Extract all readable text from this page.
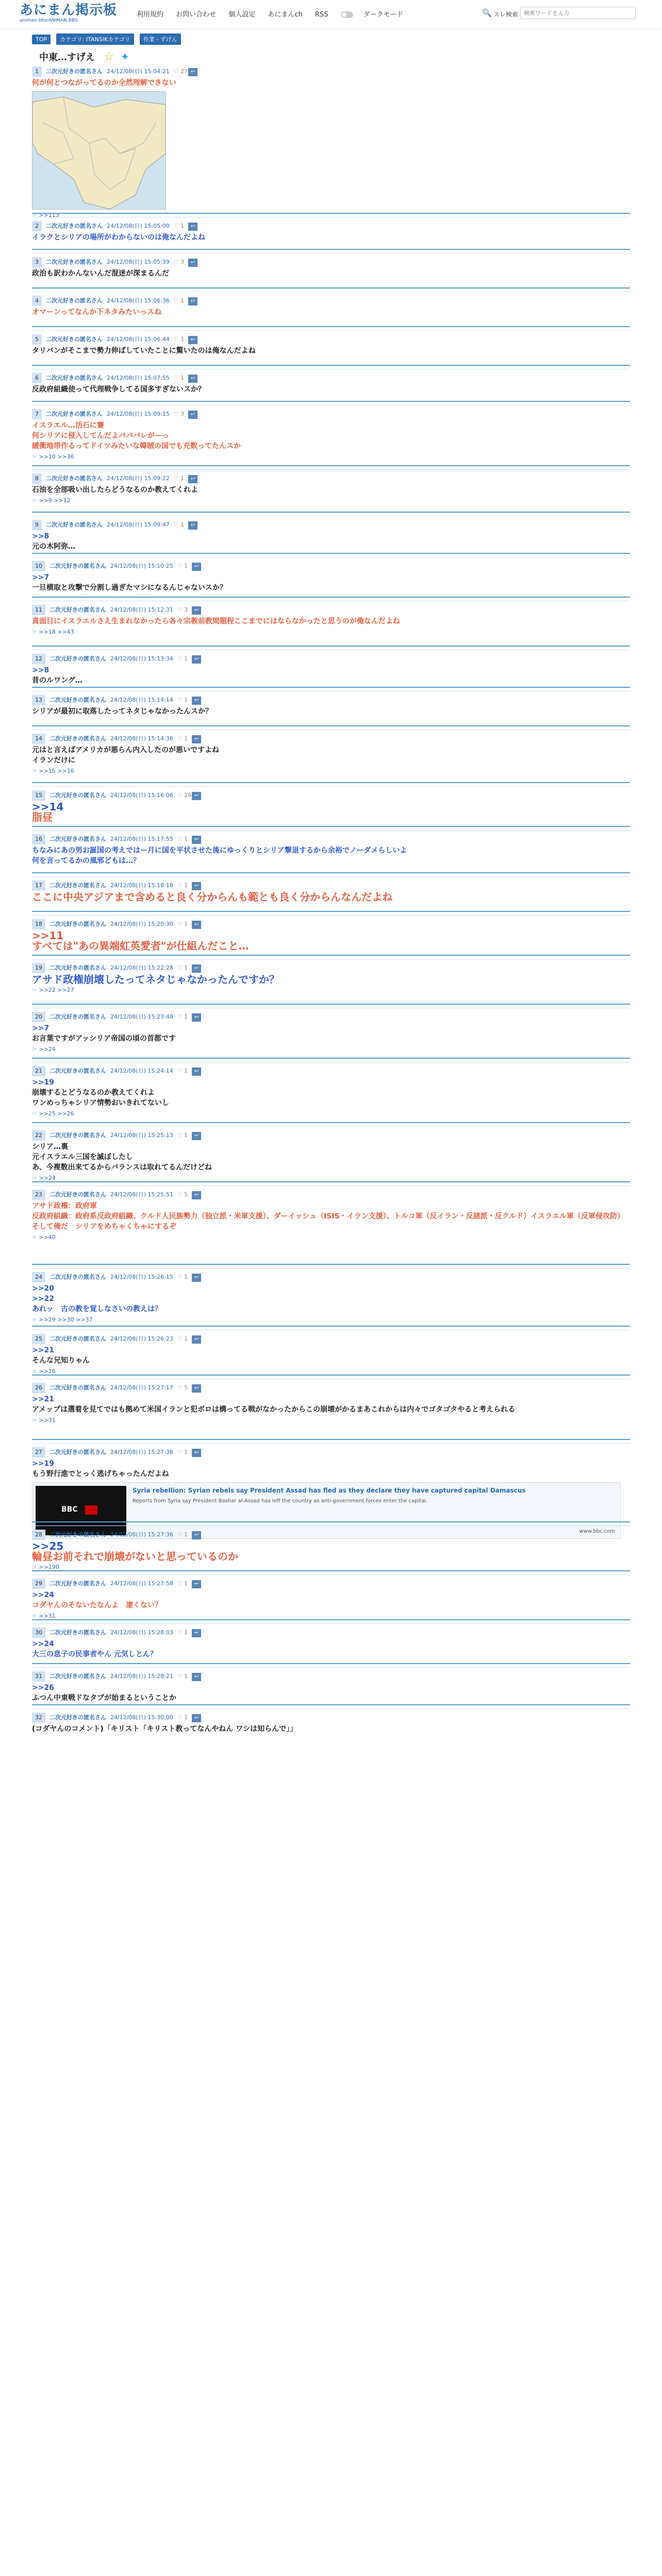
あにまん掲示板
animan bbs/ANIMAN BBS
利用規約 お問い合わせ 個人設定 あにまんch RSS	ダークモード	🔍 スレ検索
検索ワードを入力
TOP カテゴリ: ITANSIKカテゴリ 作業 - ずげん
中東…すげえ ☆ ✦
1 二次元好きの匿名さん 24/12/08(日) 15:04:21 ♡ 27 ↩
何が何とつながってるのか全然理解できない
☞ >>113
2 二次元好きの匿名さん 24/12/08(日) 15:05:00 ♡ 1 ↩
イラクとシリアの場所がわからないのは俺なんだよね
3 二次元好きの匿名さん 24/12/08(日) 15:05:39 ♡ 3 ↩
政治も訳わかんないんだ混迷が深まるんだ
4 二次元好きの匿名さん 24/12/08(日) 15:06:36 ♡ 1 ↩
オマーンってなんか下ネタみたいっスね
5 二次元好きの匿名さん 24/12/08(日) 15:06:44 ♡ 1 ↩
タリバンがそこまで勢力伸ばしていたことに驚いたのは俺なんだよね
6 二次元好きの匿名さん 24/12/08(日) 15:07:55 ♡ 1 ↩
反政府組織使って代理戦争してる国多すぎないスか？
7 二次元好きの匿名さん 24/12/08(日) 15:09:15 ♡ 3 ↩
イスラエル…活石に賽
何シリアに侵入してんだよバババレがーっ
緩衝地帯作るってドイツみたいな韓賊の国でも充数ってたんスか
☞ >>10 >>36
8 二次元好きの匿名さん 24/12/08(日) 15:09:22 ♡ 1 ↩
石油を全部吸い出したらどうなるのか教えてくれよ
☞ >>9 >>12
9 二次元好きの匿名さん 24/12/08(日) 15:09:47 ♡ 1 ↩
>>8
元の木阿弥…
10 二次元好きの匿名さん 24/12/08(日) 15:10:25 ♡ 1 ↩
>>7
一旦横取と攻撃で分割し過ぎたマシになるんじゃないスか？
11 二次元好きの匿名さん 24/12/08(日) 15:12:31 ♡ 3 ↩
真面目にイスラエルさえ生まれなかったら各々宗教前教間題程ここまでにはならなかったと思うのが俺なんだよね
☞ >>18 >>43
12 二次元好きの匿名さん 24/12/08(日) 15:13:34 ♡ 1 ↩
>>8
昔のルワング…
13 二次元好きの匿名さん 24/12/08(日) 15:14:14 ♡ 1 ↩
シリアが最初に取落したってネタじゃなかったんスか？
14 二次元好きの匿名さん 24/12/08(日) 15:14:36 ♡ 1 ↩
元はと言えばアメリカが悪らん内入したのが悪いですよね
イランだけに
☞ >>15 >>16
15 二次元好きの匿名さん 24/12/08(日) 15:16:06 ♡ 26 ↩
>>14
脂昼
16 二次元好きの匿名さん 24/12/08(日) 15:17:55 ♡ 1 ↩
ちなみにあの男お誕国の考えではー月に国を平状させた後にゆっくりとシリア撃退するから余裕でノーダメらしいよ
何を言ってるかの風邪どもは…？
17 二次元好きの匿名さん 24/12/08(日) 15:18:18 ♡ 1 ↩
ここに中央アジアまで含めると良く分からんも範とも良く分からんなんだよね
18 二次元好きの匿名さん 24/12/08(日) 15:20:30 ♡ 1 ↩
>>11
すべては"あの異端虹英愛者"が仕組んだこと…
19 二次元好きの匿名さん 24/12/08(日) 15:22:28 ♡ 1 ↩
アサド政権崩壊したってネタじゃなかったんですか？
☞ >>22 >>27
20 二次元好きの匿名さん 24/12/08(日) 15:23:48 ♡ 1 ↩
>>7
お言葉ですがアッシリア帝国の頃の首都です
☞ >>24
21 二次元好きの匿名さん 24/12/08(日) 15:24:14 ♡ 1 ↩
>>19
崩壊するとどうなるのか教えてくれよ
ワンめっちゃシリア情勢おいきれてないし
☞ >>25 >>26
22 二次元好きの匿名さん 24/12/08(日) 15:25:13 ♡ 1 ↩
シリア…裏
元イスラエル三国を滅ぼしたし
あ、今複数出来てるからバランスは取れてるんだけどね
☞ >>24
23 二次元好きの匿名さん 24/12/08(日) 15:25:51 ♡ 5 ↩
アサド政権：政府軍
反政府組織：政府系反政府組織、クルド人民族勢力（独立派・米軍支援）、ダーイッシュ（ISIS・イラン支援）、トルコ軍（反イラン・反諸派・反クルド）イスラエル軍（反軍侵攻防）
そして俺だ　シリアをめちゃくちゃにするぞ
☞ >>40
24 二次元好きの匿名さん 24/12/08(日) 15:26:15 ♡ 1 ↩
>>20
>>22
あれッ　古の教を覚しなさいの教えは？
☞ >>29 >>30 >>37
25 二次元好きの匿名さん 24/12/08(日) 15:26:23 ♡ 1 ↩
>>21
そんな兄知りゃん
☞ >>26
26 二次元好きの匿名さん 24/12/08(日) 15:27:17 ♡ 5 ↩
>>21
アメップは選着を見てではも拠めて米国イランと犯ボロは構ってる戦がなかったからこの崩壊がかるまあこれからは内々でゴタゴタやると考えられる
☞ >>31
27 二次元好きの匿名さん 24/12/08(日) 15:27:36 ♡ 1 ↩
>>19
もう野行進でとっく逃げちゃったんだよね
BBC
Syria rebellion: Syrian rebels say President Assad has fled as they declare they have captured capital Damascus
Reports from Syria say President Bashar al-Assad has left the country as anti-government forces enter the capital.
www.bbc.com
28 二次元好きの匿名さん 24/12/08(日) 15:27:36 ♡ 1 ↩
>>25
輪昼お前それで崩壊がないと思っているのか
☞ >>190
29 二次元好きの匿名さん 24/12/08(日) 15:27:58 ♡ 1 ↩
>>24
コダヤんのそないたなんよ　凄くない？
☞ >>31
30 二次元好きの匿名さん 24/12/08(日) 15:28:03 ♡ 1 ↩
>>24
大三の息子の民事者やん 元気しとん？
31 二次元好きの匿名さん 24/12/08(日) 15:28:21 ♡ 1 ↩
>>26
ふつん中東戦ドなタブが始まるということか
32 二次元好きの匿名さん 24/12/08(日) 15:30:00 ♡ 1 ↩
(コダヤんのコメント)「キリスト「キリスト教ってなんやねん ワシは知らんで」」
